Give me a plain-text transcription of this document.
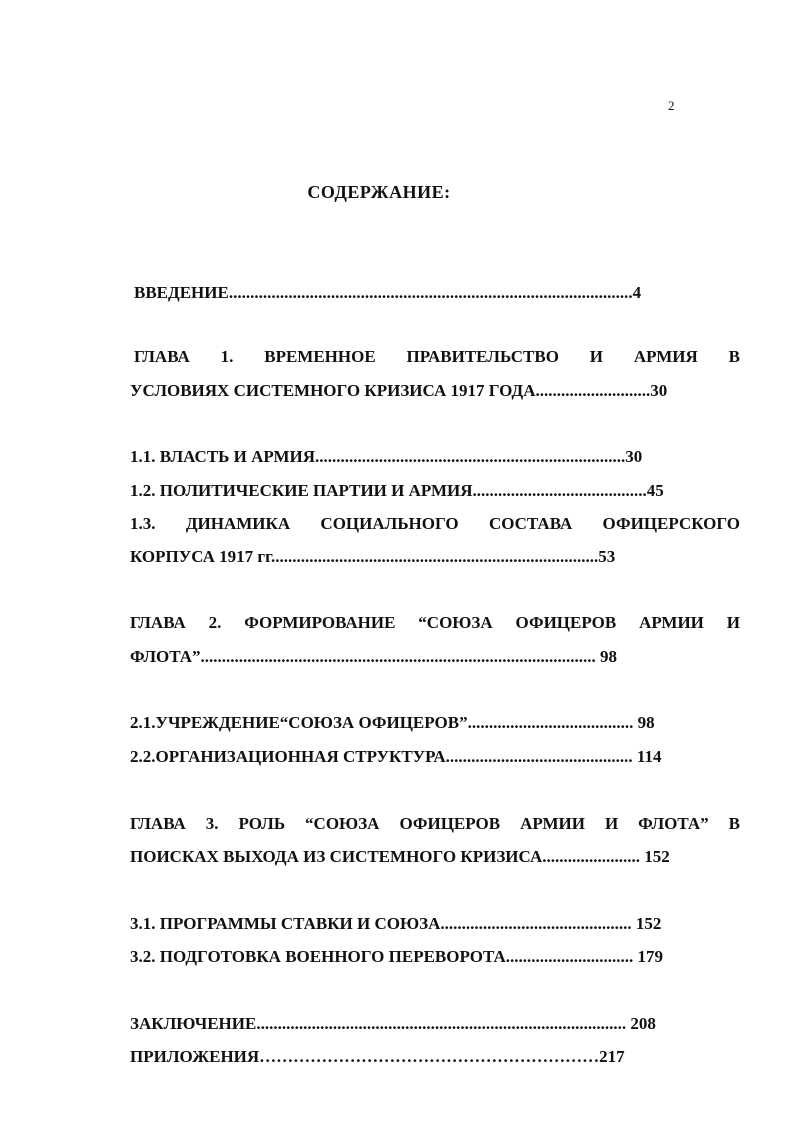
2
СОДЕРЖАНИЕ:
ВВЕДЕНИЕ...............................................................................................4
ГЛАВА 1. ВРЕМЕННОЕ ПРАВИТЕЛЬСТВО И АРМИЯ В
УСЛОВИЯХ СИСТЕМНОГО КРИЗИСА 1917 ГОДА...........................30
1.1. ВЛАСТЬ И АРМИЯ.........................................................................30
1.2. ПОЛИТИЧЕСКИЕ ПАРТИИ И АРМИЯ.........................................45
1.3. ДИНАМИКА СОЦИАЛЬНОГО СОСТАВА ОФИЦЕРСКОГО
КОРПУСА 1917 гг.............................................................................53
ГЛАВА 2. ФОРМИРОВАНИЕ “СОЮЗА ОФИЦЕРОВ АРМИИ И
ФЛОТА”............................................................................................. 98
2.1.УЧРЕЖДЕНИЕ“СОЮЗА ОФИЦЕРОВ”....................................... 98
2.2.ОРГАНИЗАЦИОННАЯ СТРУКТУРА............................................ 114
ГЛАВА 3. РОЛЬ “СОЮЗА ОФИЦЕРОВ АРМИИ И ФЛОТА” В
ПОИСКАХ ВЫХОДА ИЗ СИСТЕМНОГО КРИЗИСА....................... 152
3.1. ПРОГРАММЫ СТАВКИ И СОЮЗА............................................. 152
3.2. ПОДГОТОВКА ВОЕННОГО ПЕРЕВОРОТА.............................. 179
ЗАКЛЮЧЕНИЕ....................................................................................... 208
ПРИЛОЖЕНИЯ……………………………………………………217
